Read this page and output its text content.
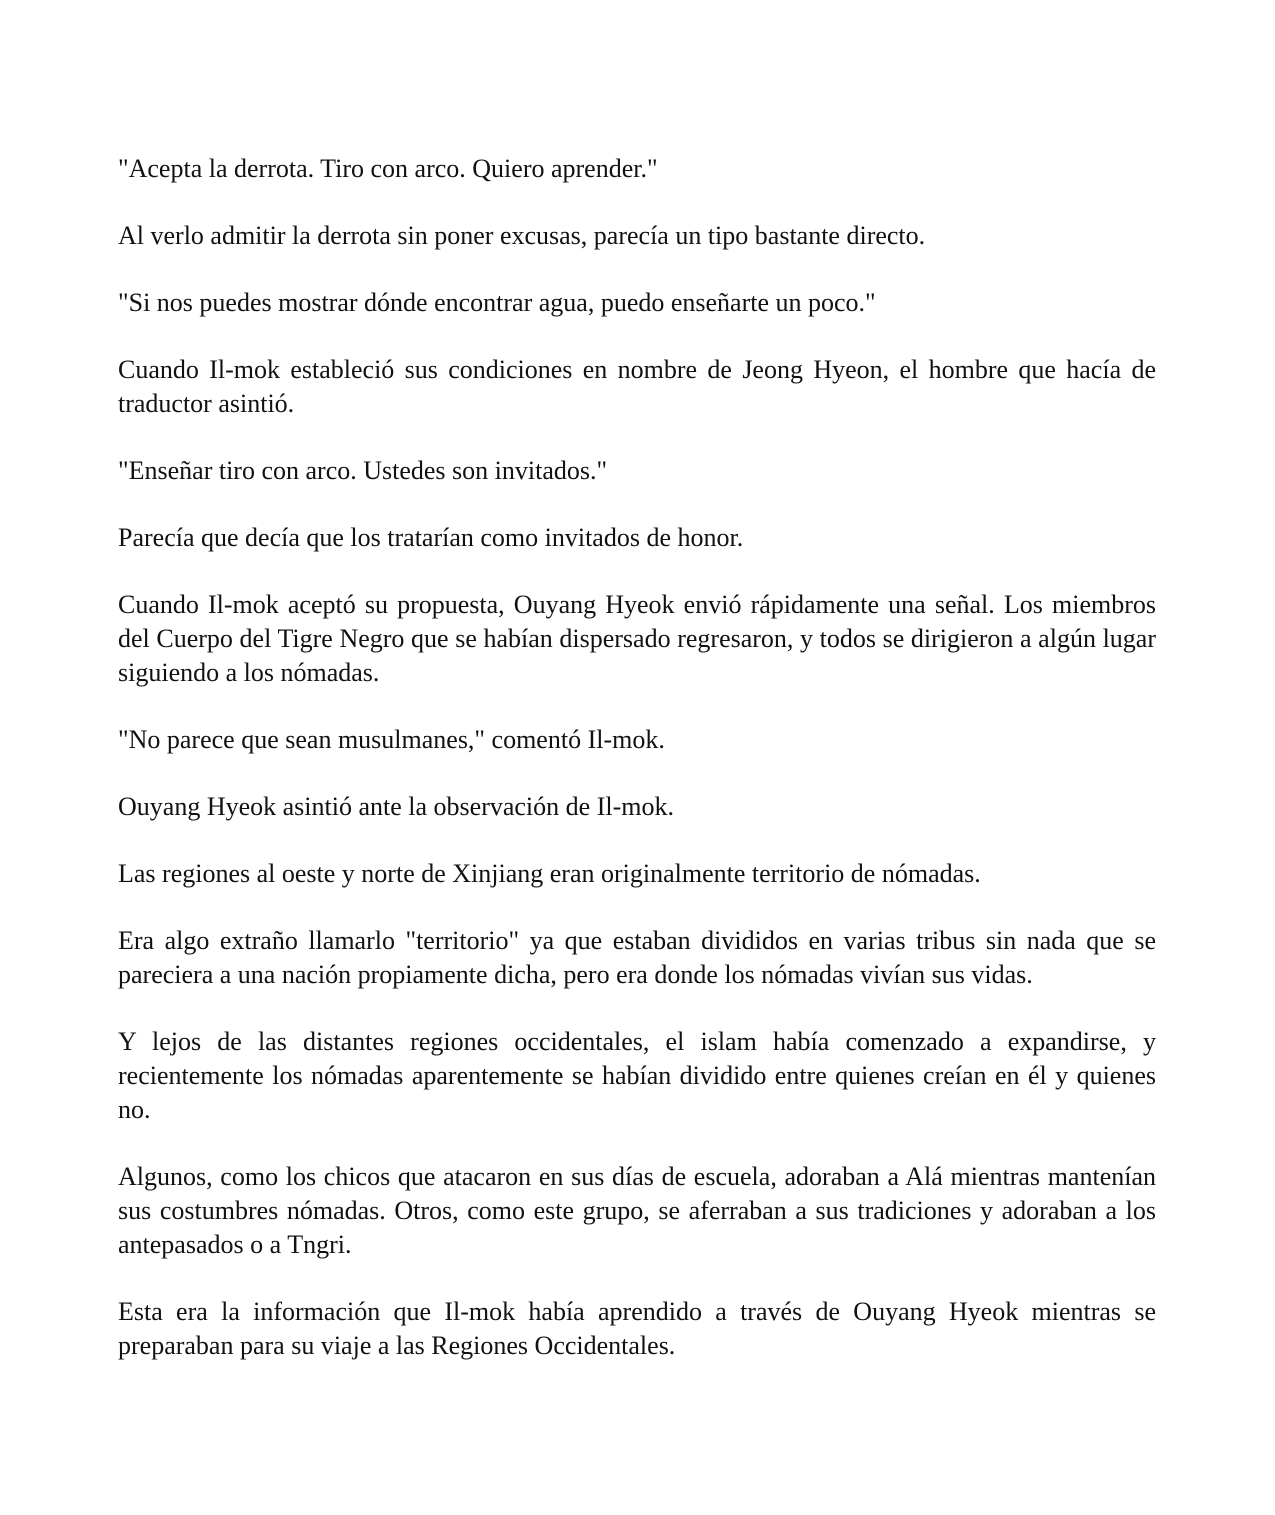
"Acepta la derrota. Tiro con arco. Quiero aprender."

Al verlo admitir la derrota sin poner excusas, parecía un tipo bastante directo.

"Si nos puedes mostrar dónde encontrar agua, puedo enseñarte un poco."

Cuando Il-mok estableció sus condiciones en nombre de Jeong Hyeon, el hombre que hacía de traductor asintió.

"Enseñar tiro con arco. Ustedes son invitados."

Parecía que decía que los tratarían como invitados de honor.

Cuando Il-mok aceptó su propuesta, Ouyang Hyeok envió rápidamente una señal. Los miembros del Cuerpo del Tigre Negro que se habían dispersado regresaron, y todos se dirigieron a algún lugar siguiendo a los nómadas.

"No parece que sean musulmanes," comentó Il-mok.

Ouyang Hyeok asintió ante la observación de Il-mok.

Las regiones al oeste y norte de Xinjiang eran originalmente territorio de nómadas.

Era algo extraño llamarlo "territorio" ya que estaban divididos en varias tribus sin nada que se pareciera a una nación propiamente dicha, pero era donde los nómadas vivían sus vidas.

Y lejos de las distantes regiones occidentales, el islam había comenzado a expandirse, y recientemente los nómadas aparentemente se habían dividido entre quienes creían en él y quienes no.

Algunos, como los chicos que atacaron en sus días de escuela, adoraban a Alá mientras mantenían sus costumbres nómadas. Otros, como este grupo, se aferraban a sus tradiciones y adoraban a los antepasados o a Tngri.

Esta era la información que Il-mok había aprendido a través de Ouyang Hyeok mientras se preparaban para su viaje a las Regiones Occidentales.
